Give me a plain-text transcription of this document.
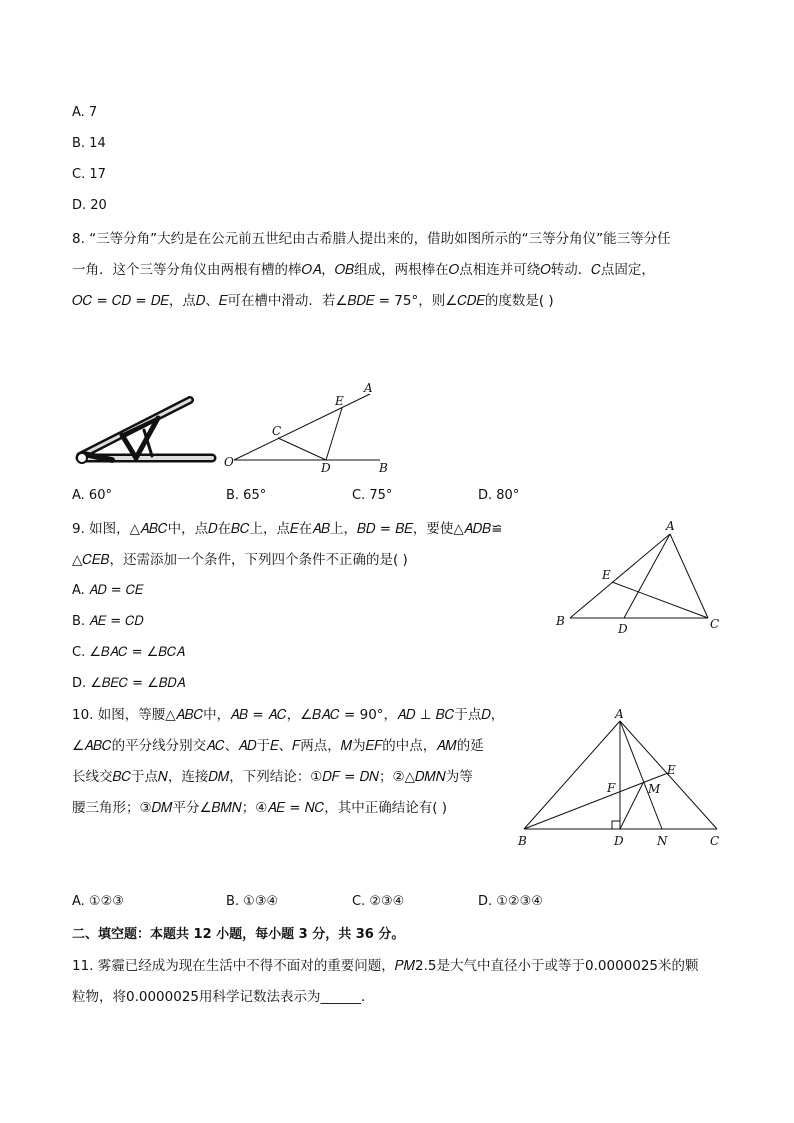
A. 7
B. 14
C. 17
D. 20
8. “三等分角”大约是在公元前五世纪由古希腊人提出来的，借助如图所示的“三等分角仪”能三等分任
一角．这个三等分角仪由两根有槽的棒𝑂𝐴，𝑂𝐵组成，两根棒在𝑂点相连并可绕𝑂转动．𝐶点固定，
𝑂𝐶 = 𝐶𝐷 = 𝐷𝐸，点𝐷、𝐸可在槽中滑动．若∠𝐵𝐷𝐸 = 75°，则∠𝐶𝐷𝐸的度数是( )
A
E
C
O	D	B
A. 60°	B. 65°	C. 75°	D. 80°
9. 如图，△𝐴𝐵𝐶中，点𝐷在𝐵𝐶上，点𝐸在𝐴𝐵上，𝐵𝐷 = 𝐵𝐸，要使△𝐴𝐷𝐵≌
△𝐶𝐸𝐵，还需添加一个条件，下列四个条件不正确的是( )
A. 𝐴𝐷 = 𝐶𝐸
B. 𝐴𝐸 = 𝐶𝐷
C. ∠𝐵𝐴𝐶 = ∠𝐵𝐶𝐴
D. ∠𝐵𝐸𝐶 = ∠𝐵𝐷𝐴
A
E
B
D	C
10. 如图，等腰△𝐴𝐵𝐶中，𝐴𝐵 = 𝐴𝐶，∠𝐵𝐴𝐶 = 90°，𝐴𝐷 ⊥ 𝐵𝐶于点𝐷，
∠𝐴𝐵𝐶的平分线分别交𝐴𝐶、𝐴𝐷于𝐸、𝐹两点，𝑀为𝐸𝐹的中点，𝐴𝑀的延
长线交𝐵𝐶于点𝑁，连接𝐷𝑀，下列结论：①𝐷𝐹 = 𝐷𝑁；②△𝐷𝑀𝑁为等
腰三角形；③𝐷𝑀平分∠𝐵𝑀𝑁；④𝐴𝐸 = 𝑁𝐶，其中正确结论有( )
A
E
F	M
B	D	N	C
A. ①②③	B. ①③④	C. ②③④	D. ①②③④
二、填空题：本题共 12 小题，每小题 3 分，共 36 分。
11. 雾霾已经成为现在生活中不得不面对的重要问题，𝑃𝑀2.5是大气中直径小于或等于0.0000025米的颗
粒物，将0.0000025用科学记数法表示为______．
